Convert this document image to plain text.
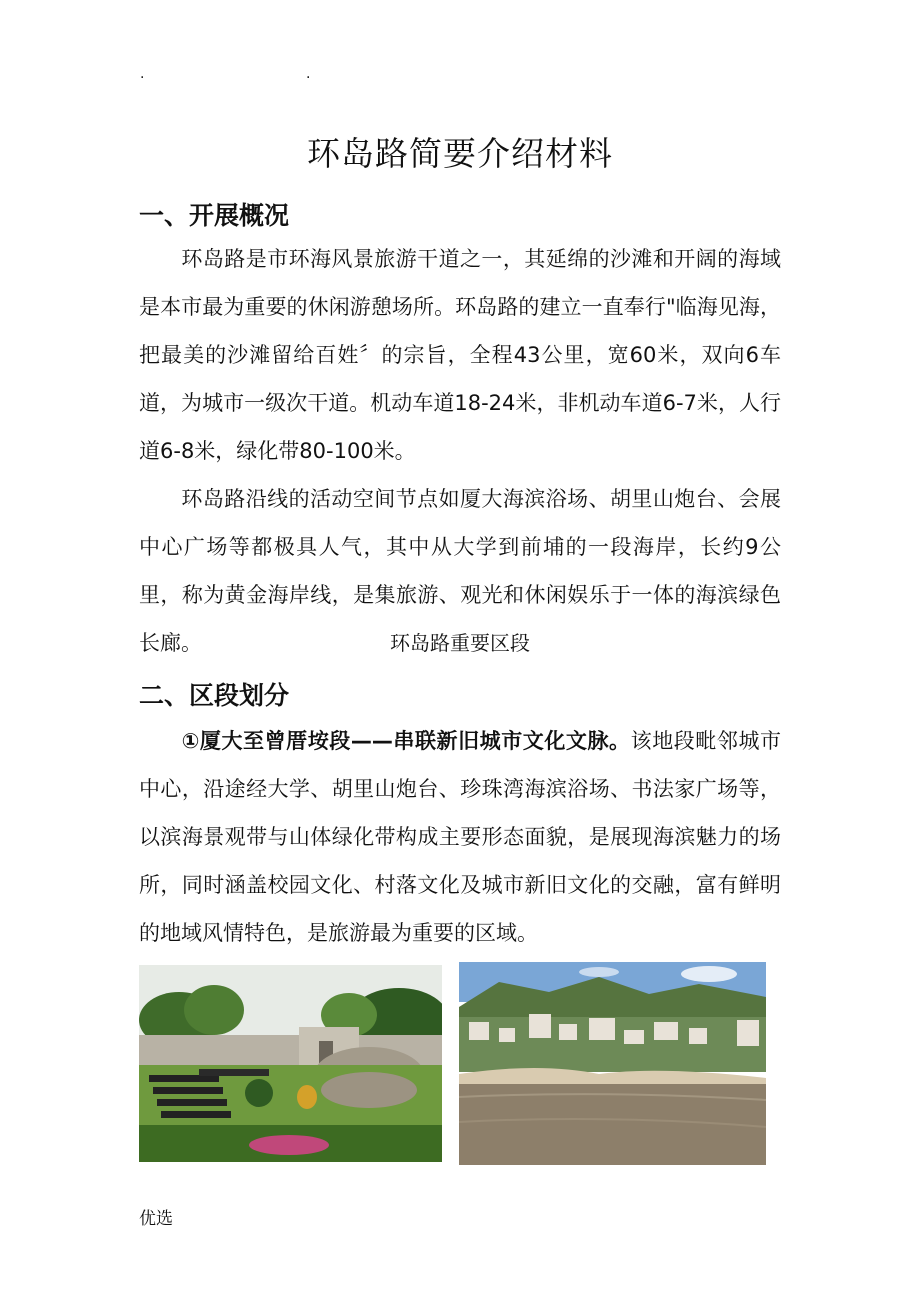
.	.
环岛路简要介绍材料
一、开展概况
环岛路是市环海风景旅游干道之一，其延绵的沙滩和开阔的海域是本市最为重要的休闲游憩场所。环岛路的建立一直奉行"临海见海，把最美的沙滩留给百姓〞的宗旨，全程43公里，宽60米，双向6车道，为城市一级次干道。机动车道18-24米，非机动车道6-7米，人行道6-8米，绿化带80-100米。
环岛路沿线的活动空间节点如厦大海滨浴场、胡里山炮台、会展中心广场等都极具人气，其中从大学到前埔的一段海岸，长约9公里，称为黄金海岸线，是集旅游、观光和休闲娱乐于一体的海滨绿色长廊。	环岛路重要区段
二、区段划分
①厦大至曾厝垵段——串联新旧城市文化文脉。该地段毗邻城市中心，沿途经大学、胡里山炮台、珍珠湾海滨浴场、书法家广场等，以滨海景观带与山体绿化带构成主要形态面貌，是展现海滨魅力的场所，同时涵盖校园文化、村落文化及城市新旧文化的交融，富有鲜明的地域风情特色，是旅游最为重要的区域。
优选
